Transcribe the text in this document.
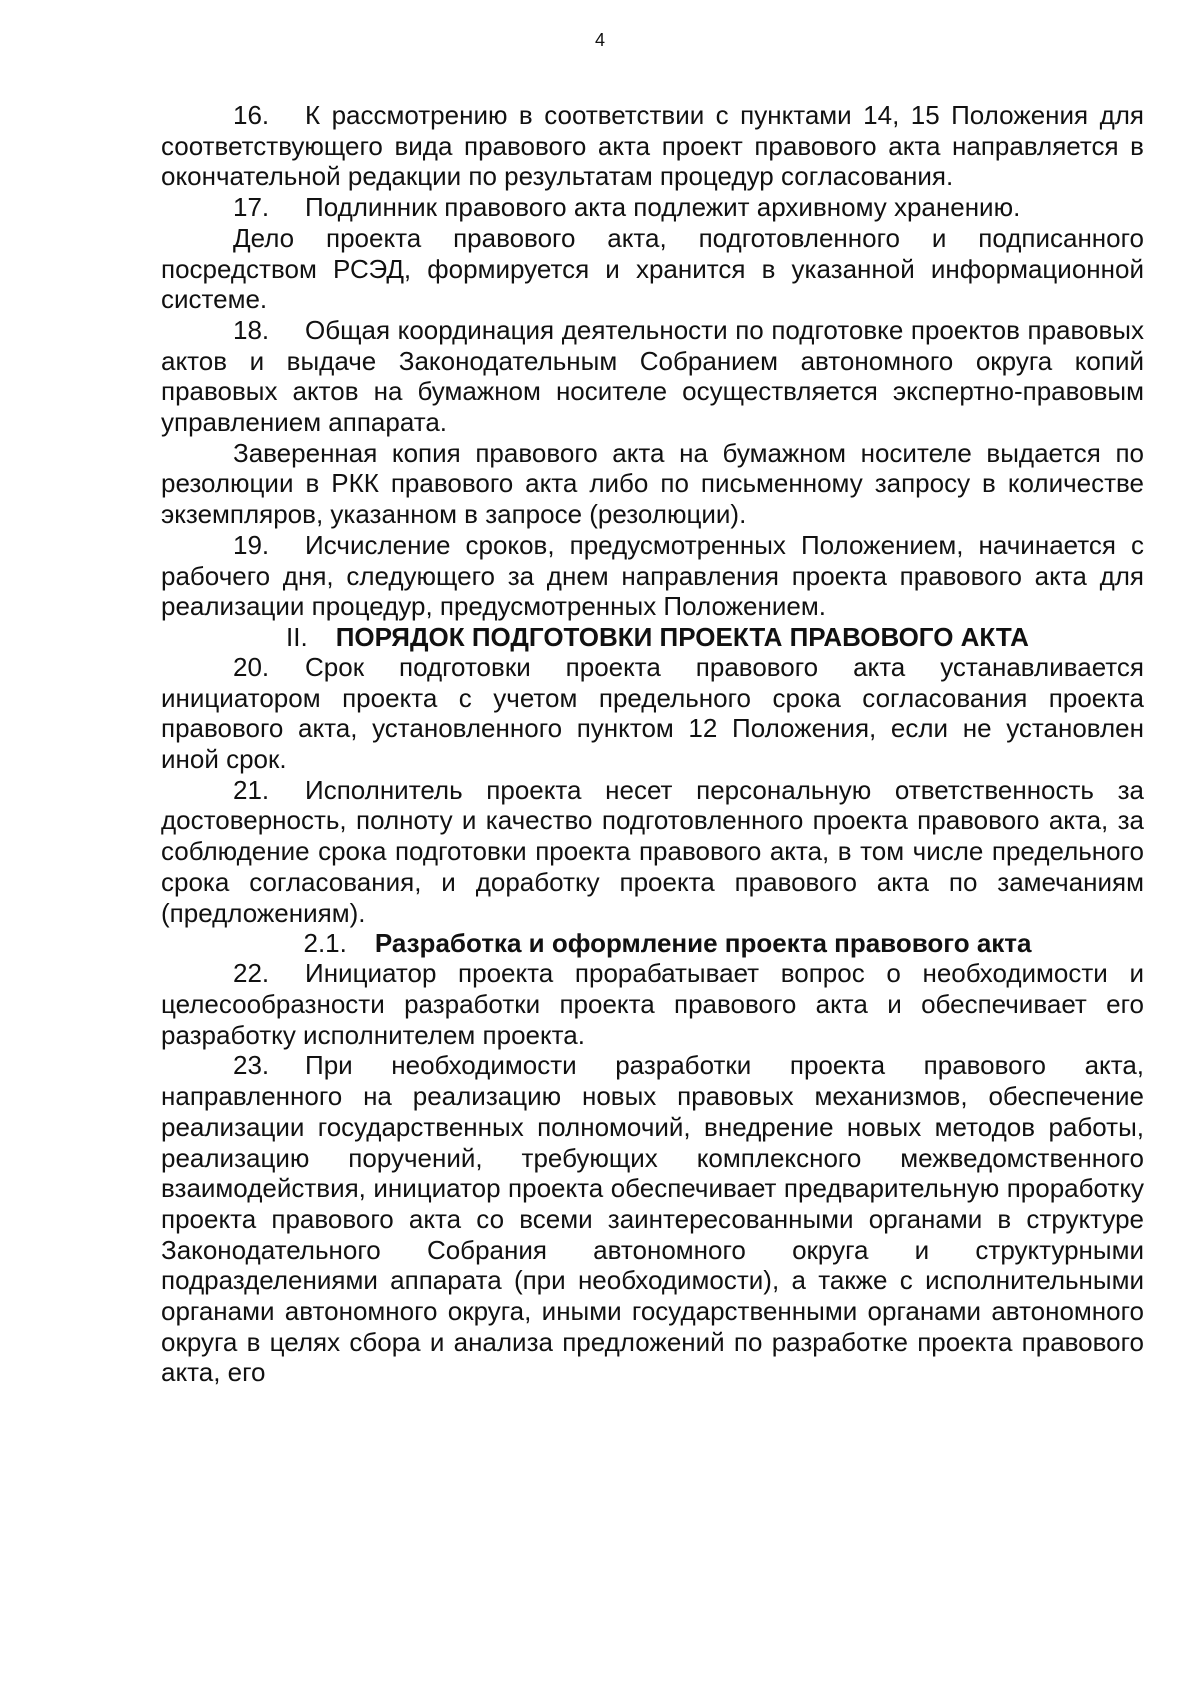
4

16. К рассмотрению в соответствии с пунктами 14, 15 Положения для соответствующего вида правового акта проект правового акта направляется в окончательной редакции по результатам процедур согласования.

17. Подлинник правового акта подлежит архивному хранению.

Дело проекта правового акта, подготовленного и подписанного посредством РСЭД, формируется и хранится в указанной информационной системе.

18. Общая координация деятельности по подготовке проектов правовых актов и выдаче Законодательным Собранием автономного округа копий правовых актов на бумажном носителе осуществляется экспертно-правовым управлением аппарата.

Заверенная копия правового акта на бумажном носителе выдается по резолюции в РКК правового акта либо по письменному запросу в количестве экземпляров, указанном в запросе (резолюции).

19. Исчисление сроков, предусмотренных Положением, начинается с рабочего дня, следующего за днем направления проекта правового акта для реализации процедур, предусмотренных Положением.

II. ПОРЯДОК ПОДГОТОВКИ ПРОЕКТА ПРАВОВОГО АКТА

20. Срок подготовки проекта правового акта устанавливается инициатором проекта с учетом предельного срока согласования проекта правового акта, установленного пунктом 12 Положения, если не установлен иной срок.

21. Исполнитель проекта несет персональную ответственность за достоверность, полноту и качество подготовленного проекта правового акта, за соблюдение срока подготовки проекта правового акта, в том числе предельного срока согласования, и доработку проекта правового акта по замечаниям (предложениям).

2.1. Разработка и оформление проекта правового акта

22. Инициатор проекта прорабатывает вопрос о необходимости и целесообразности разработки проекта правового акта и обеспечивает его разработку исполнителем проекта.

23. При необходимости разработки проекта правового акта, направленного на реализацию новых правовых механизмов, обеспечение реализации государственных полномочий, внедрение новых методов работы, реализацию поручений, требующих комплексного межведомственного взаимодействия, инициатор проекта обеспечивает предварительную проработку проекта правового акта со всеми заинтересованными органами в структуре Законодательного Собрания автономного округа и структурными подразделениями аппарата (при необходимости), а также с исполнительными органами автономного округа, иными государственными органами автономного округа в целях сбора и анализа предложений по разработке проекта правового акта, его
